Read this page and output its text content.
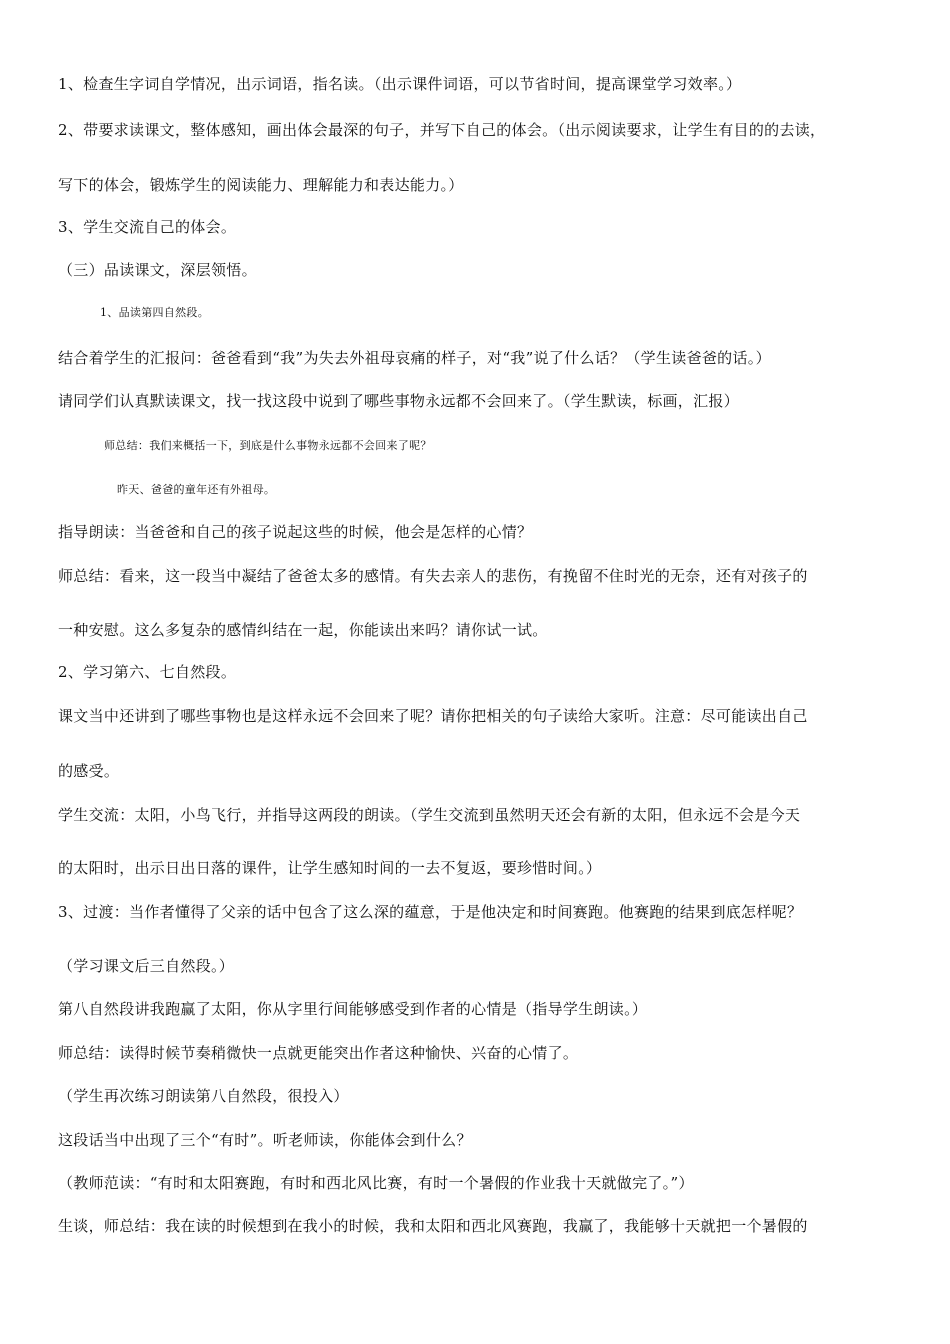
1、检查生字词自学情况，出示词语，指名读。（出示课件词语，可以节省时间，提高课堂学习效率。）
2、带要求读课文，整体感知，画出体会最深的句子，并写下自己的体会。（出示阅读要求，让学生有目的的去读，
写下的体会，锻炼学生的阅读能力、理解能力和表达能力。）
3、学生交流自己的体会。
（三）品读课文，深层领悟。
1、品读第四自然段。
结合着学生的汇报问：爸爸看到“我”为失去外祖母哀痛的样子，对“我”说了什么话？（学生读爸爸的话。）
请同学们认真默读课文，找一找这段中说到了哪些事物永远都不会回来了。（学生默读，标画，汇报）
师总结：我们来概括一下，到底是什么事物永远都不会回来了呢？
昨天、爸爸的童年还有外祖母。
指导朗读：当爸爸和自己的孩子说起这些的时候，他会是怎样的心情？
师总结：看来，这一段当中凝结了爸爸太多的感情。有失去亲人的悲伤，有挽留不住时光的无奈，还有对孩子的
一种安慰。这么多复杂的感情纠结在一起，你能读出来吗？请你试一试。
2、学习第六、七自然段。
课文当中还讲到了哪些事物也是这样永远不会回来了呢？请你把相关的句子读给大家听。注意：尽可能读出自己
的感受。
学生交流：太阳，小鸟飞行，并指导这两段的朗读。（学生交流到虽然明天还会有新的太阳，但永远不会是今天
的太阳时，出示日出日落的课件，让学生感知时间的一去不复返，要珍惜时间。）
3、过渡：当作者懂得了父亲的话中包含了这么深的蕴意，于是他决定和时间赛跑。他赛跑的结果到底怎样呢？
（学习课文后三自然段。）
第八自然段讲我跑赢了太阳，你从字里行间能够感受到作者的心情是（指导学生朗读。）
师总结：读得时候节奏稍微快一点就更能突出作者这种愉快、兴奋的心情了。
（学生再次练习朗读第八自然段，很投入）
这段话当中出现了三个“有时”。听老师读，你能体会到什么？
（教师范读：“有时和太阳赛跑，有时和西北风比赛，有时一个暑假的作业我十天就做完了。”）
生谈，师总结：我在读的时候想到在我小的时候，我和太阳和西北风赛跑，我赢了，我能够十天就把一个暑假的
